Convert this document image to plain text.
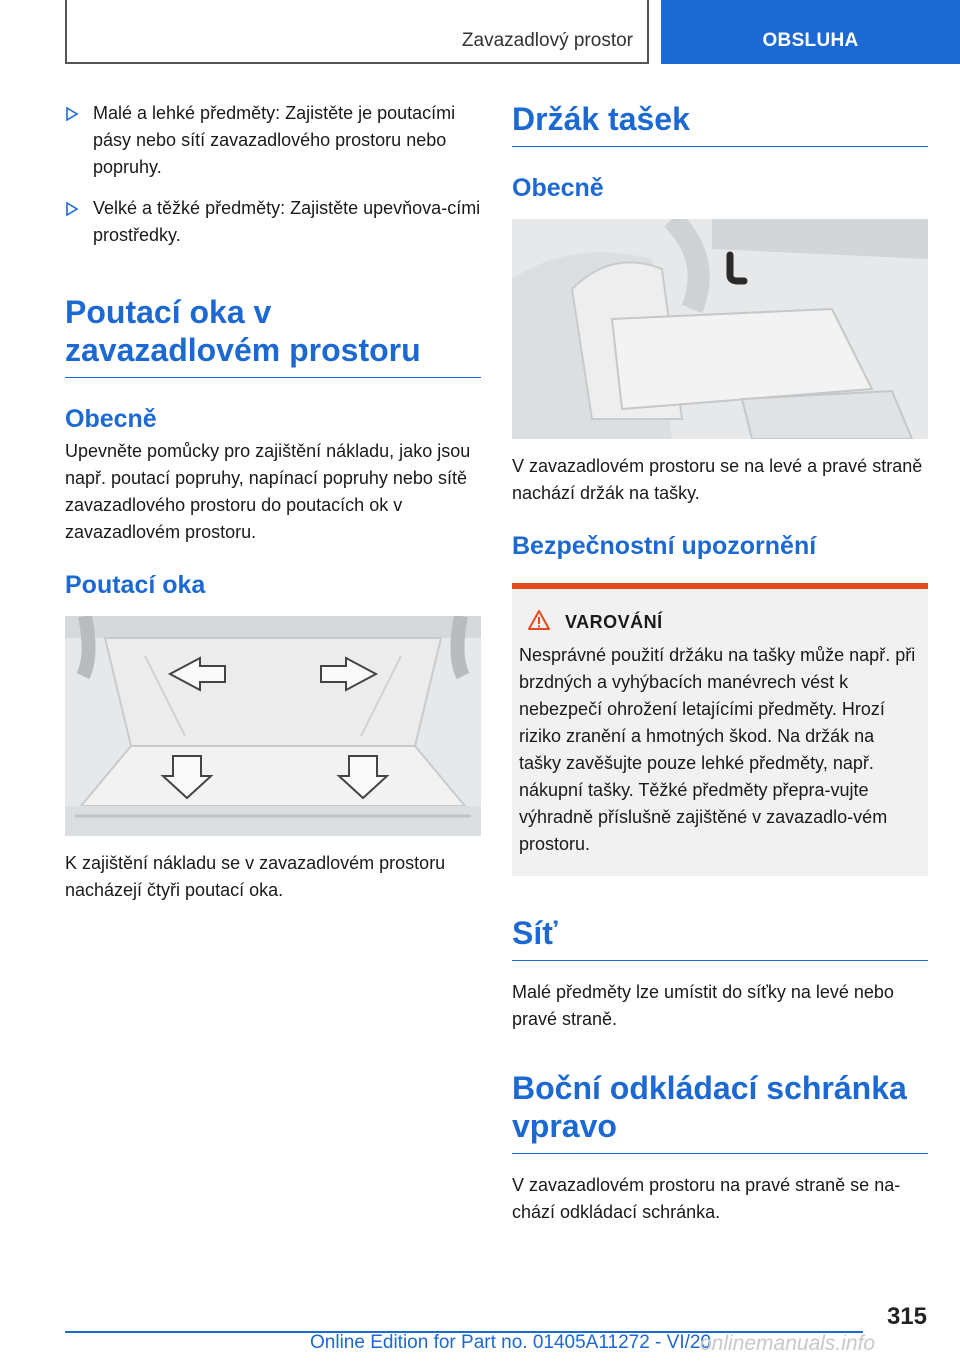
Zavazadlový prostor	OBSLUHA
Malé a lehké předměty: Zajistěte je poutacími pásy nebo sítí zavazadlového prostoru nebo popruhy.
Velké a těžké předměty: Zajistěte upevňova‐cími prostředky.
Poutací oka v zavazadlovém prostoru
Obecně

Upevněte pomůcky pro zajištění nákladu, jako jsou např. poutací popruhy, napínací popruhy nebo sítě zavazadlového prostoru do poutacích ok v zavazadlovém prostoru.

Poutací oka

K zajištění nákladu se v zavazadlovém prostoru nacházejí čtyři poutací oka.

Držák tašek
Obecně

V zavazadlovém prostoru se na levé a pravé straně nachází držák na tašky.

Bezpečnostní upozornění
VAROVÁNÍ

Nesprávné použití držáku na tašky může např. při brzdných a vyhýbacích manévrech vést k nebezpečí ohrožení letajícími předměty. Hrozí riziko zranění a hmotných škod. Na držák na tašky zavěšujte pouze lehké předměty, např. nákupní tašky. Těžké předměty přepra‐vujte výhradně příslušně zajištěné v zavazadlo‐vém prostoru.

Síť

Malé předměty lze umístit do síťky na levé nebo pravé straně.

Boční odkládací schránka vpravo

V zavazadlovém prostoru na pravé straně se na‐chází odkládací schránka.

315
Online Edition for Part no. 01405A11272 - VI/20
onlinemanuals.info
